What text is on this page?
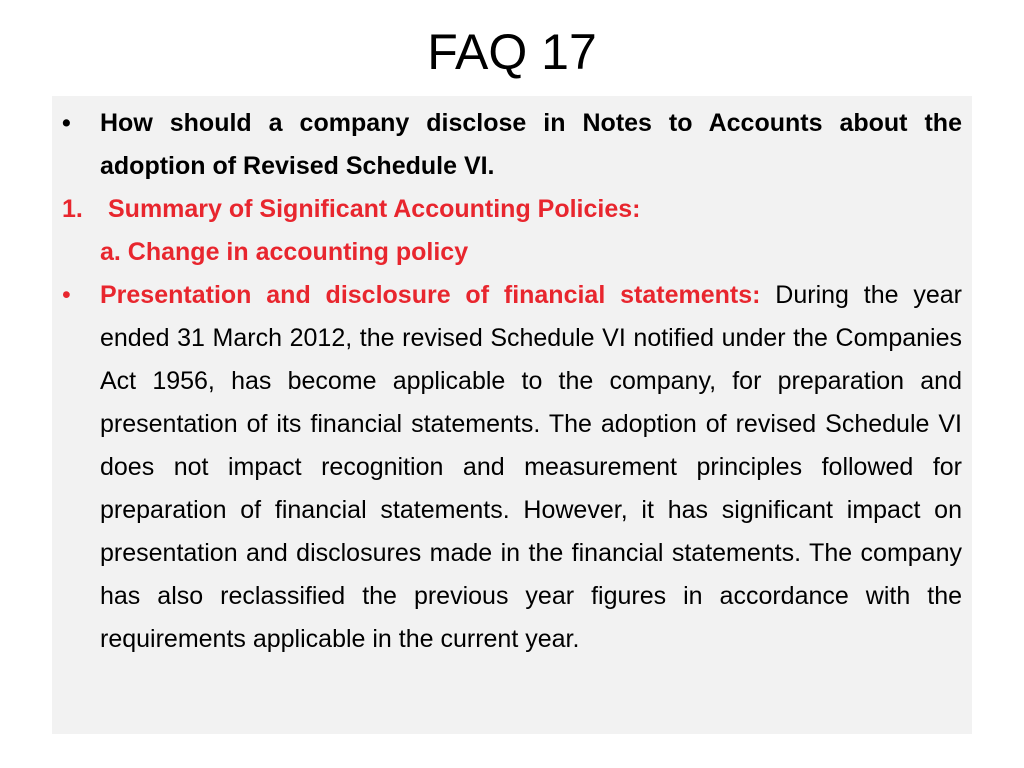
FAQ 17

• How should a company disclose in Notes to Accounts about the adoption of Revised Schedule VI.

1. Summary of Significant Accounting Policies:

a. Change in accounting policy

• Presentation and disclosure of financial statements: During the year ended 31 March 2012, the revised Schedule VI notified under the Companies Act 1956, has become applicable to the company, for preparation and presentation of its financial statements. The adoption of revised Schedule VI does not impact recognition and measurement principles followed for preparation of financial statements. However, it has significant impact on presentation and disclosures made in the financial statements. The company has also reclassified the previous year figures in accordance with the requirements applicable in the current year.
